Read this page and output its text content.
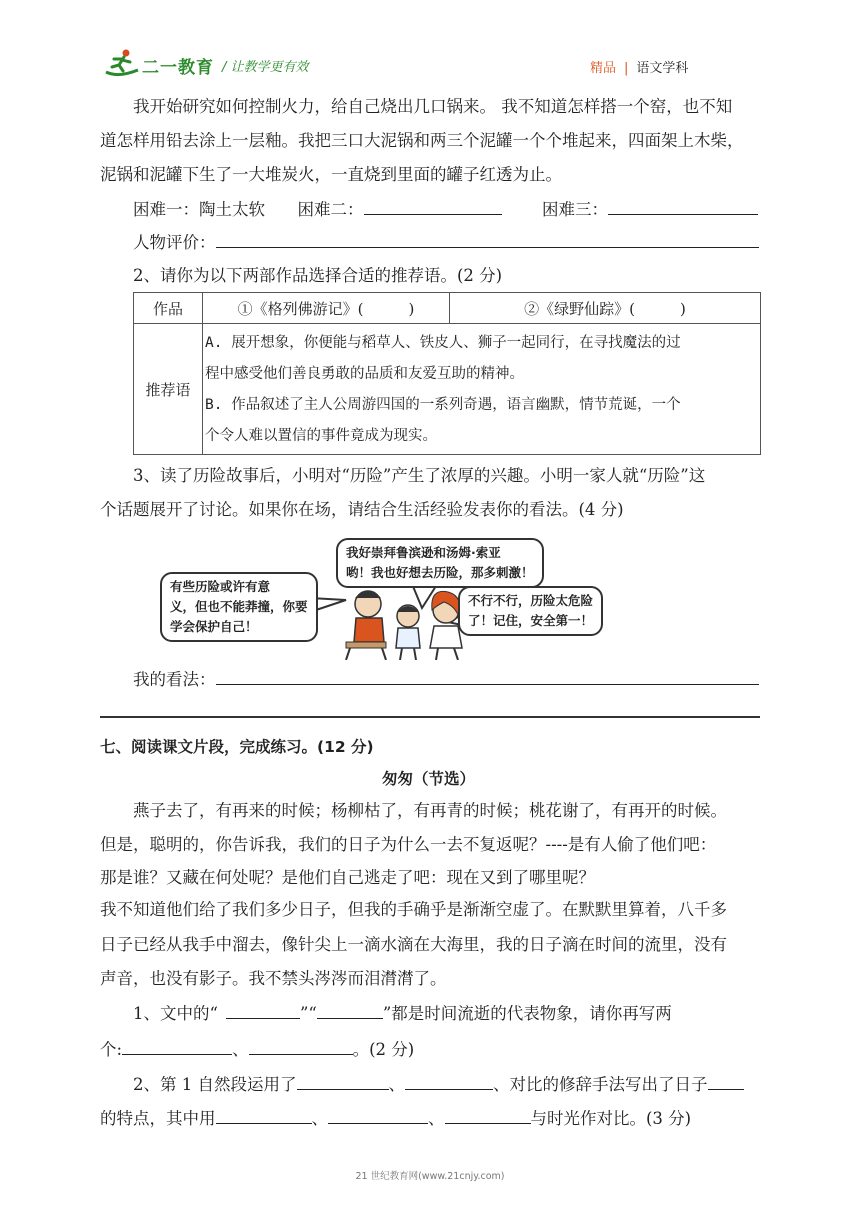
二一教育 / 让教学更有效	精品 | 语文学科
我开始研究如何控制火力，给自己烧出几口锅来。 我不知道怎样搭一个窑，也不知
道怎样用铅去涂上一层釉。我把三口大泥锅和两三个泥罐一个个堆起来，四面架上木柴，
泥锅和泥罐下生了一大堆炭火，一直烧到里面的罐子红透为止。
困难一：陶土太软 困难二：	困难三：
人物评价：
2、请你为以下两部作品选择合适的推荐语。(2 分)
作品	①《格列佛游记》(　　　)	②《绿野仙踪》(　　　)
推荐语	A. 展开想象，你便能与稻草人、铁皮人、狮子一起同行，在寻找魔法的过
程中感受他们善良勇敢的品质和友爱互助的精神。
B. 作品叙述了主人公周游四国的一系列奇遇，语言幽默，情节荒诞，一个
个令人难以置信的事件竟成为现实。	
3、读了历险故事后，小明对“历险”产生了浓厚的兴趣。小明一家人就“历险”这
个话题展开了讨论。如果你在场，请结合生活经验发表你的看法。(4 分)
我好崇拜鲁滨逊和汤姆·索亚
哟！我也好想去历险，那多刺激！
有些历险或许有意
义，但也不能莽撞，你要
学会保护自己！
不行不行，历险太危险
了！记住，安全第一！
我的看法：
七、阅读课文片段，完成练习。(12 分)
匆匆（节选）
燕子去了，有再来的时候；杨柳枯了，有再青的时候；桃花谢了，有再开的时候。
但是，聪明的，你告诉我，我们的日子为什么一去不复返呢？----是有人偷了他们吧：
那是谁？又藏在何处呢？是他们自己逃走了吧：现在又到了哪里呢？
我不知道他们给了我们多少日子，但我的手确乎是渐渐空虚了。在默默里算着，八千多
日子已经从我手中溜去，像针尖上一滴水滴在大海里，我的日子滴在时间的流里，没有
声音，也没有影子。我不禁头涔涔而泪潸潸了。
1、文中的“	”“	”都是时间流逝的代表物象，请你再写两
个:	、	。(2 分)
2、第 1 自然段运用了	、	、对比的修辞手法写出了日子
的特点，其中用	、	、	与时光作对比。(3 分)
21 世纪教育网(www.21cnjy.com)
